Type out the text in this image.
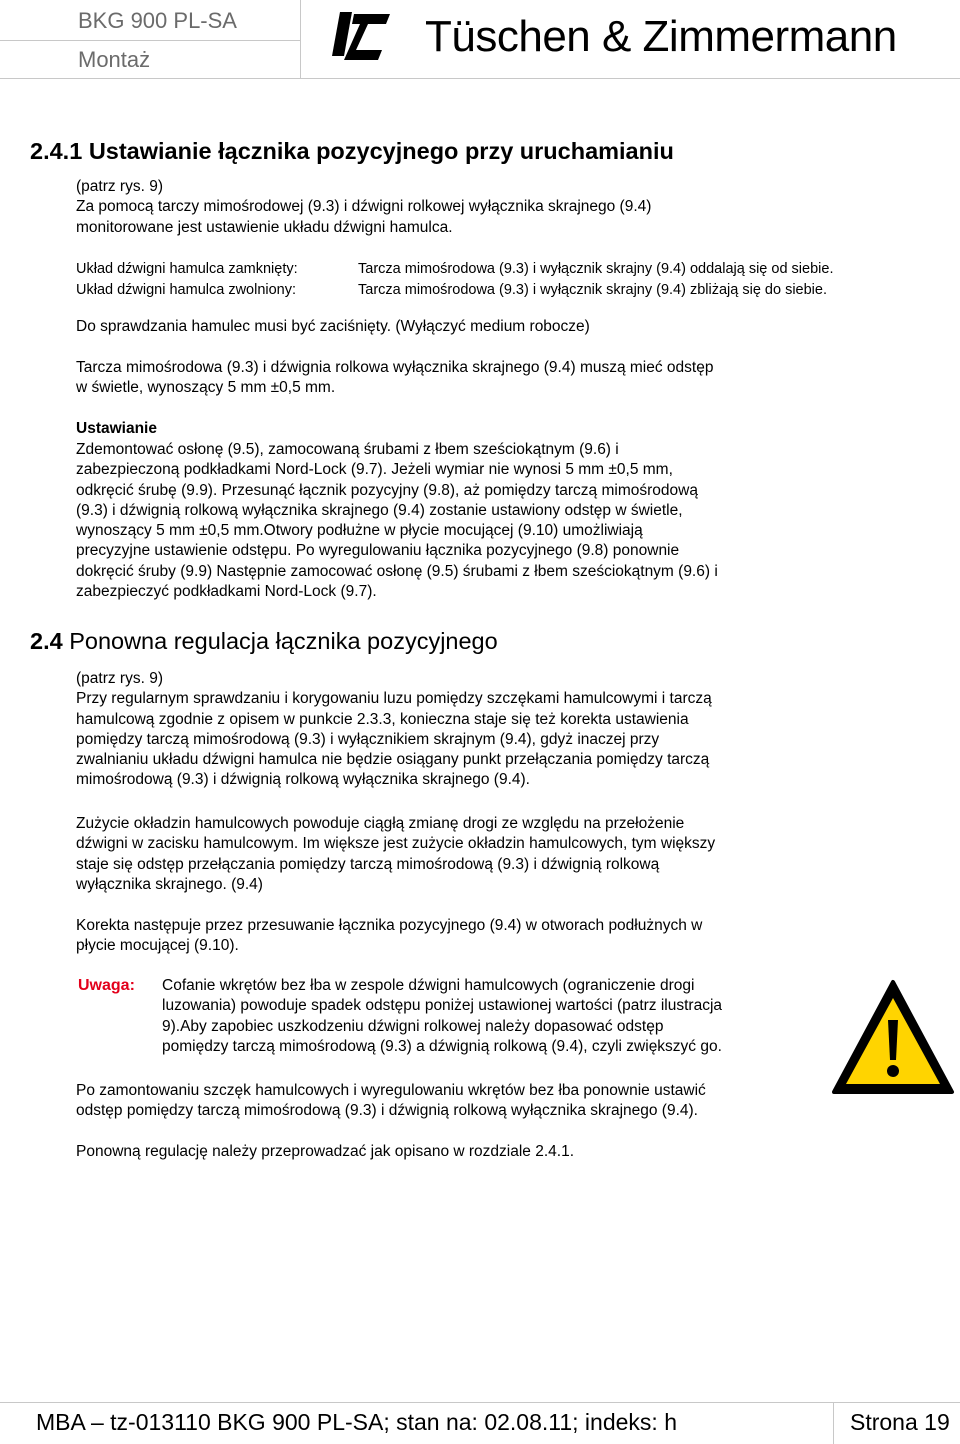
BKG 900 PL-SA
Montaż	Tüschen & Zimmermann
2.4.1 Ustawianie łącznika pozycyjnego przy uruchamianiu
(patrz rys. 9)
Za pomocą tarczy mimośrodowej (9.3) i dźwigni rolkowej wyłącznika skrajnego (9.4)
monitorowane jest ustawienie układu dźwigni hamulca.
Układ dźwigni hamulca zamknięty:	Tarcza mimośrodowa (9.3) i wyłącznik skrajny (9.4) oddalają się od siebie.
Układ dźwigni hamulca zwolniony:	Tarcza mimośrodowa (9.3) i wyłącznik skrajny (9.4) zbliżają się do siebie.
Do sprawdzania hamulec musi być zaciśnięty. (Wyłączyć medium robocze)
Tarcza mimośrodowa (9.3) i dźwignia rolkowa wyłącznika skrajnego (9.4) muszą mieć odstęp
w świetle, wynoszący 5 mm ±0,5 mm.
Ustawianie
Zdemontować osłonę (9.5), zamocowaną śrubami z łbem sześciokątnym (9.6) i
zabezpieczoną podkładkami Nord-Lock (9.7). Jeżeli wymiar nie wynosi 5 mm ±0,5 mm,
odkręcić śrubę (9.9). Przesunąć łącznik pozycyjny (9.8), aż pomiędzy tarczą mimośrodową
(9.3) i dźwignią rolkową wyłącznika skrajnego (9.4) zostanie ustawiony odstęp w świetle,
wynoszący 5 mm ±0,5 mm.Otwory podłużne w płycie mocującej (9.10) umożliwiają
precyzyjne ustawienie odstępu. Po wyregulowaniu łącznika pozycyjnego (9.8) ponownie
dokręcić śruby (9.9) Następnie zamocować osłonę (9.5) śrubami z łbem sześciokątnym (9.6) i
zabezpieczyć podkładkami Nord-Lock (9.7).
2.4 Ponowna regulacja łącznika pozycyjnego
(patrz rys. 9)
Przy regularnym sprawdzaniu i korygowaniu luzu pomiędzy szczękami hamulcowymi i tarczą
hamulcową zgodnie z opisem w punkcie 2.3.3, konieczna staje się też korekta ustawienia
pomiędzy tarczą mimośrodową (9.3) i wyłącznikiem skrajnym (9.4), gdyż inaczej przy
zwalnianiu układu dźwigni hamulca nie będzie osiągany punkt przełączania pomiędzy tarczą
mimośrodową (9.3) i dźwignią rolkową wyłącznika skrajnego (9.4).
Zużycie okładzin hamulcowych powoduje ciągłą zmianę drogi ze względu na przełożenie
dźwigni w zacisku hamulcowym. Im większe jest zużycie okładzin hamulcowych, tym większy
staje się odstęp przełączania pomiędzy tarczą mimośrodową (9.3) i dźwignią rolkową
wyłącznika skrajnego. (9.4)
Korekta następuje przez przesuwanie łącznika pozycyjnego (9.4) w otworach podłużnych w
płycie mocującej (9.10).
Uwaga: Cofanie wkrętów bez łba w zespole dźwigni hamulcowych (ograniczenie drogi
luzowania) powoduje spadek odstępu poniżej ustawionej wartości (patrz ilustracja
9).Aby zapobiec uszkodzeniu dźwigni rolkowej należy dopasować odstęp
pomiędzy tarczą mimośrodową (9.3) a dźwignią rolkową (9.4), czyli zwiększyć go.
Po zamontowaniu szczęk hamulcowych i wyregulowaniu wkrętów bez łba ponownie ustawić
odstęp pomiędzy tarczą mimośrodową (9.3) i dźwignią rolkową wyłącznika skrajnego (9.4).
Ponowną regulację należy przeprowadzać jak opisano w rozdziale 2.4.1.
MBA – tz-013110 BKG 900 PL-SA; stan na: 02.08.11; indeks: h	Strona 19
